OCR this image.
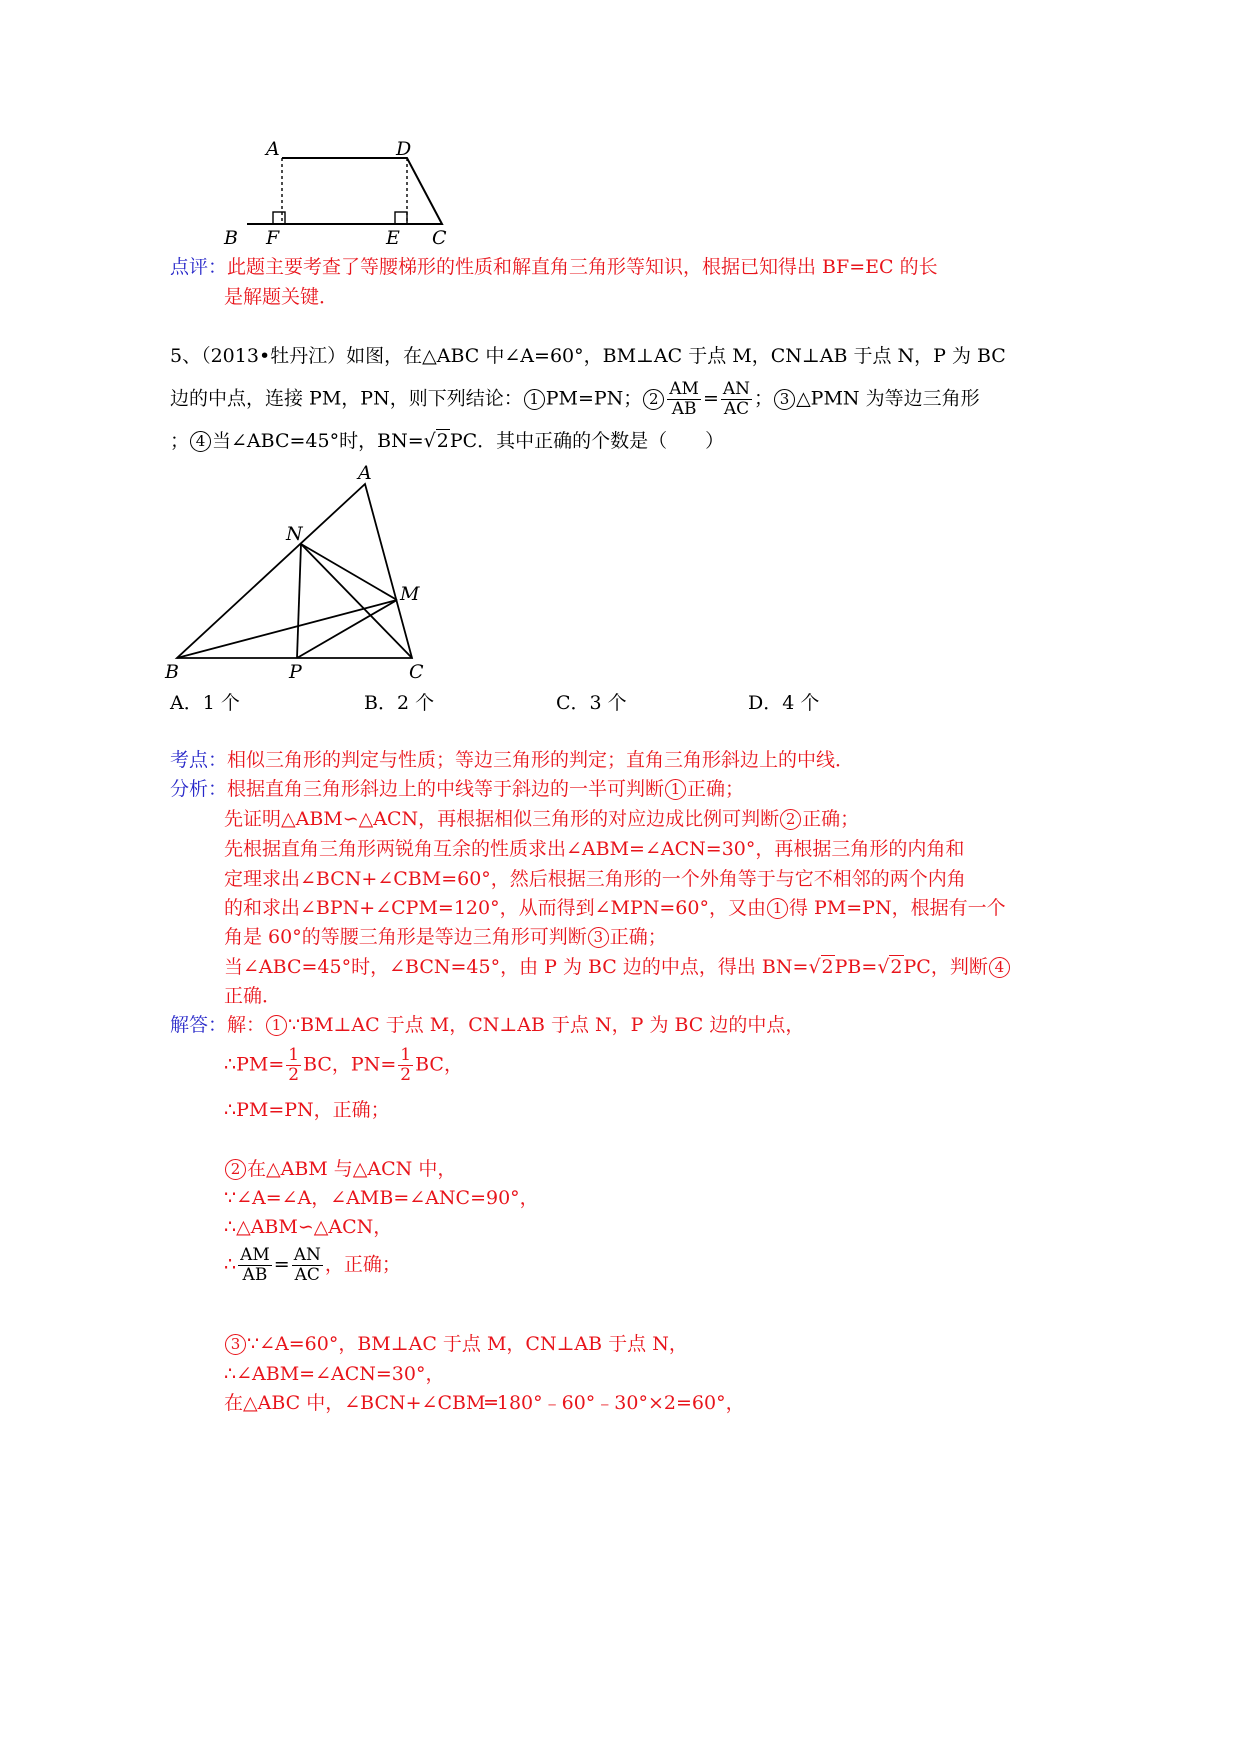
A	D
B F	E C
点评：此题主要考查了等腰梯形的性质和解直角三角形等知识，根据已知得出 BF=EC 的长
是解题关键．
5、（2013•牡丹江）如图，在△ABC 中∠A=60°，BM⊥AC 于点 M，CN⊥AB 于点 N，P 为 BC
边的中点，连接 PM，PN，则下列结论： 1 PM=PN； $2 \frac{AM}{AB} = \frac{AN}{AC}$ ； 3 △PMN 为等边三角形
； 4 当∠ABC=45°时，BN=√2PC．其中正确的个数是（　　）
A
N
M
B	P	C
A．1 个	B．2 个	C．3 个	D．4 个
考点：相似三角形的判定与性质；等边三角形的判定；直角三角形斜边上的中线．
分析：根据直角三角形斜边上的中线等于斜边的一半可判断 1 正确；
先证明△ABM∽△ACN，再根据相似三角形的对应边成比例可判断 2 正确；
先根据直角三角形两锐角互余的性质求出∠ABM=∠ACN=30°，再根据三角形的内角和
定理求出∠BCN+∠CBM=60°，然后根据三角形的一个外角等于与它不相邻的两个内角
的和求出∠BPN+∠CPM=120°，从而得到∠MPN=60°，又由 1 得 PM=PN，根据有一个
角是 60°的等腰三角形是等边三角形可判断 3 正确；
当∠ABC=45°时，∠BCN=45°，由 P 为 BC 边的中点，得出 BN=√2PB=√2PC，判断 4
正确．
解答：解： 1 ∵BM⊥AC 于点 M，CN⊥AB 于点 N，P 为 BC 边的中点，
∴PM= $\frac{1}{2}$ BC，$PN= \frac{1}{2}$ BC，
∴PM=PN，正确；
2 在△ABM 与△ACN 中，
∵∠A=∠A，∠AMB=∠ANC=90°，
∴△ABM∽△ACN，
∴ $\frac{AM}{AB} = \frac{AN}{AC}$ ，正确；
3 ∵∠A=60°，BM⊥AC 于点 M，CN⊥AB 于点 N，
∴∠ABM=∠ACN=30°，
在△ABC 中，∠BCN+∠CBM═180°﹣60°﹣30°×2=60°，
